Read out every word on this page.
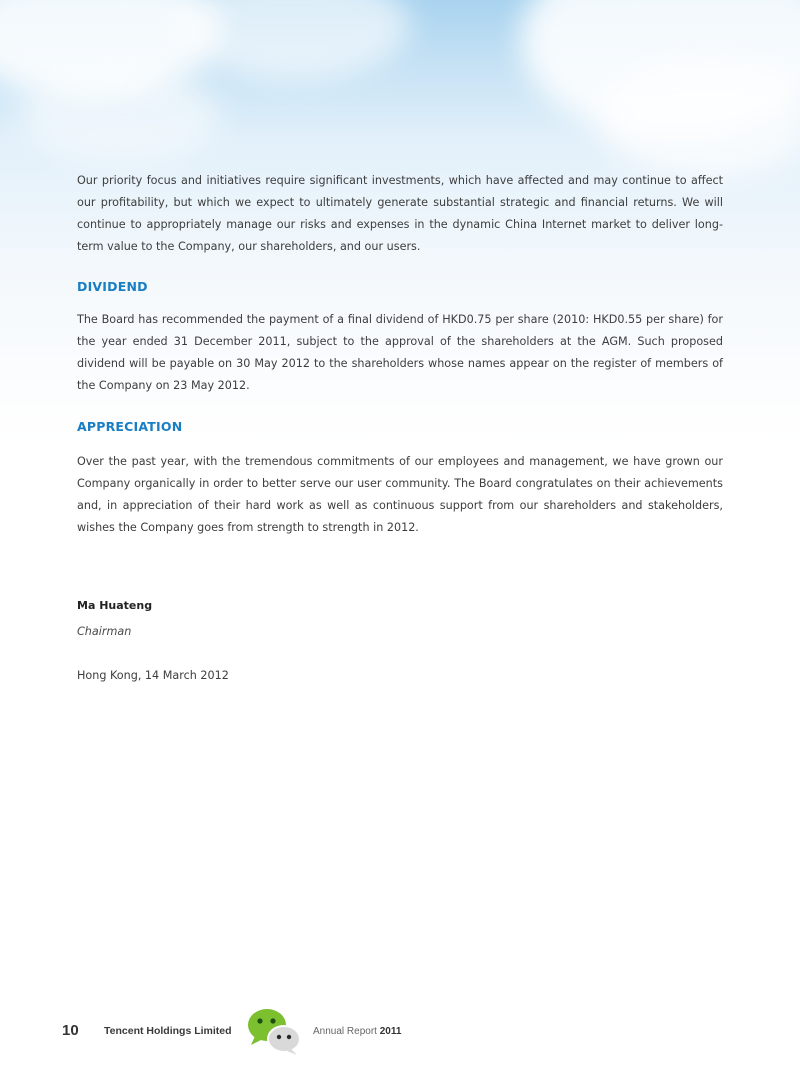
Our priority focus and initiatives require significant investments, which have affected and may continue to affect our profitability, but which we expect to ultimately generate substantial strategic and financial returns. We will continue to appropriately manage our risks and expenses in the dynamic China Internet market to deliver long-term value to the Company, our shareholders, and our users.

DIVIDEND

The Board has recommended the payment of a final dividend of HKD0.75 per share (2010: HKD0.55 per share) for the year ended 31 December 2011, subject to the approval of the shareholders at the AGM. Such proposed dividend will be payable on 30 May 2012 to the shareholders whose names appear on the register of members of the Company on 23 May 2012.

APPRECIATION

Over the past year, with the tremendous commitments of our employees and management, we have grown our Company organically in order to better serve our user community. The Board congratulates on their achievements and, in appreciation of their hard work as well as continuous support from our shareholders and stakeholders, wishes the Company goes from strength to strength in 2012.

Ma Huateng

Chairman

Hong Kong, 14 March 2012

10 Tencent Holdings Limited	Annual Report 2011
